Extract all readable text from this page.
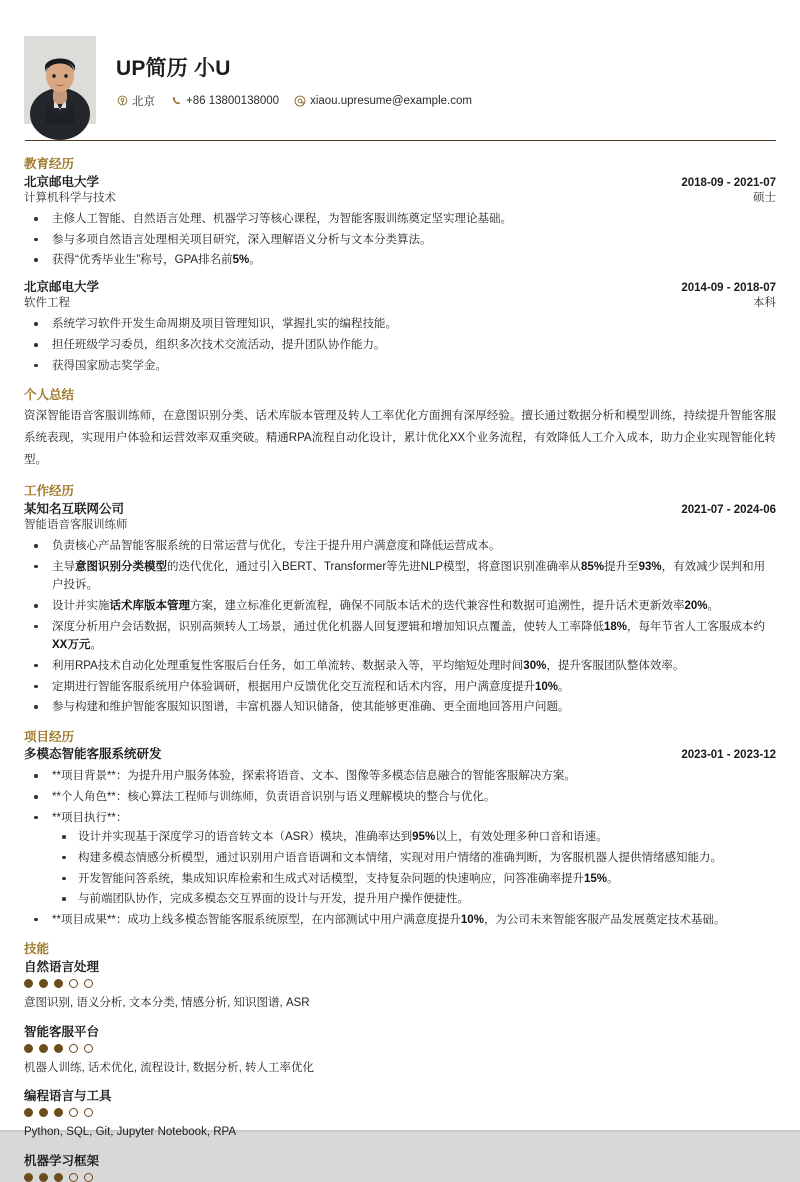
UP简历 小U
北京	+86 13800138000	xiaou.upresume@example.com
教育经历
北京邮电大学	2018-09 - 2021-07
计算机科学与技术	硕士
主修人工智能、自然语言处理、机器学习等核心课程，为智能客服训练奠定坚实理论基础。
参与多项自然语言处理相关项目研究，深入理解语义分析与文本分类算法。
获得“优秀毕业生”称号，GPA排名前5%。
北京邮电大学	2014-09 - 2018-07
软件工程	本科
系统学习软件开发生命周期及项目管理知识，掌握扎实的编程技能。
担任班级学习委员，组织多次技术交流活动，提升团队协作能力。
获得国家励志奖学金。
个人总结
资深智能语音客服训练师，在意图识别分类、话术库版本管理及转人工率优化方面拥有深厚经验。擅长通过数据分析和模型训练，持续提升智能客服系统表现，实现用户体验和运营效率双重突破。精通RPA流程自动化设计，累计优化XX个业务流程，有效降低人工介入成本，助力企业实现智能化转型。
工作经历
某知名互联网公司	2021-07 - 2024-06
智能语音客服训练师
负责核心产品智能客服系统的日常运营与优化，专注于提升用户满意度和降低运营成本。
主导意图识别分类模型的迭代优化，通过引入BERT、Transformer等先进NLP模型，将意图识别准确率从85%提升至93%，有效减少误判和用户投诉。
设计并实施话术库版本管理方案，建立标准化更新流程，确保不同版本话术的迭代兼容性和数据可追溯性，提升话术更新效率20%。
深度分析用户会话数据，识别高频转人工场景，通过优化机器人回复逻辑和增加知识点覆盖，使转人工率降低18%，每年节省人工客服成本约XX万元。
利用RPA技术自动化处理重复性客服后台任务，如工单流转、数据录入等，平均缩短处理时间30%，提升客服团队整体效率。
定期进行智能客服系统用户体验调研，根据用户反馈优化交互流程和话术内容，用户满意度提升10%。
参与构建和维护智能客服知识图谱，丰富机器人知识储备，使其能够更准确、更全面地回答用户问题。
项目经历
多模态智能客服系统研发	2023-01 - 2023-12
**项目背景**：为提升用户服务体验，探索将语音、文本、图像等多模态信息融合的智能客服解决方案。
**个人角色**：核心算法工程师与训练师，负责语音识别与语义理解模块的整合与优化。
**项目执行**：
设计并实现基于深度学习的语音转文本（ASR）模块，准确率达到95%以上，有效处理多种口音和语速。
构建多模态情感分析模型，通过识别用户语音语调和文本情绪，实现对用户情绪的准确判断，为客服机器人提供情绪感知能力。
开发智能问答系统，集成知识库检索和生成式对话模型，支持复杂问题的快速响应，问答准确率提升15%。
与前端团队协作，完成多模态交互界面的设计与开发，提升用户操作便捷性。
**项目成果**：成功上线多模态智能客服系统原型，在内部测试中用户满意度提升10%，为公司未来智能客服产品发展奠定技术基础。
技能
自然语言处理
意图识别, 语义分析, 文本分类, 情感分析, 知识图谱, ASR
智能客服平台
机器人训练, 话术优化, 流程设计, 数据分析, 转人工率优化
编程语言与工具
Python, SQL, Git, Jupyter Notebook, RPA
机器学习框架
